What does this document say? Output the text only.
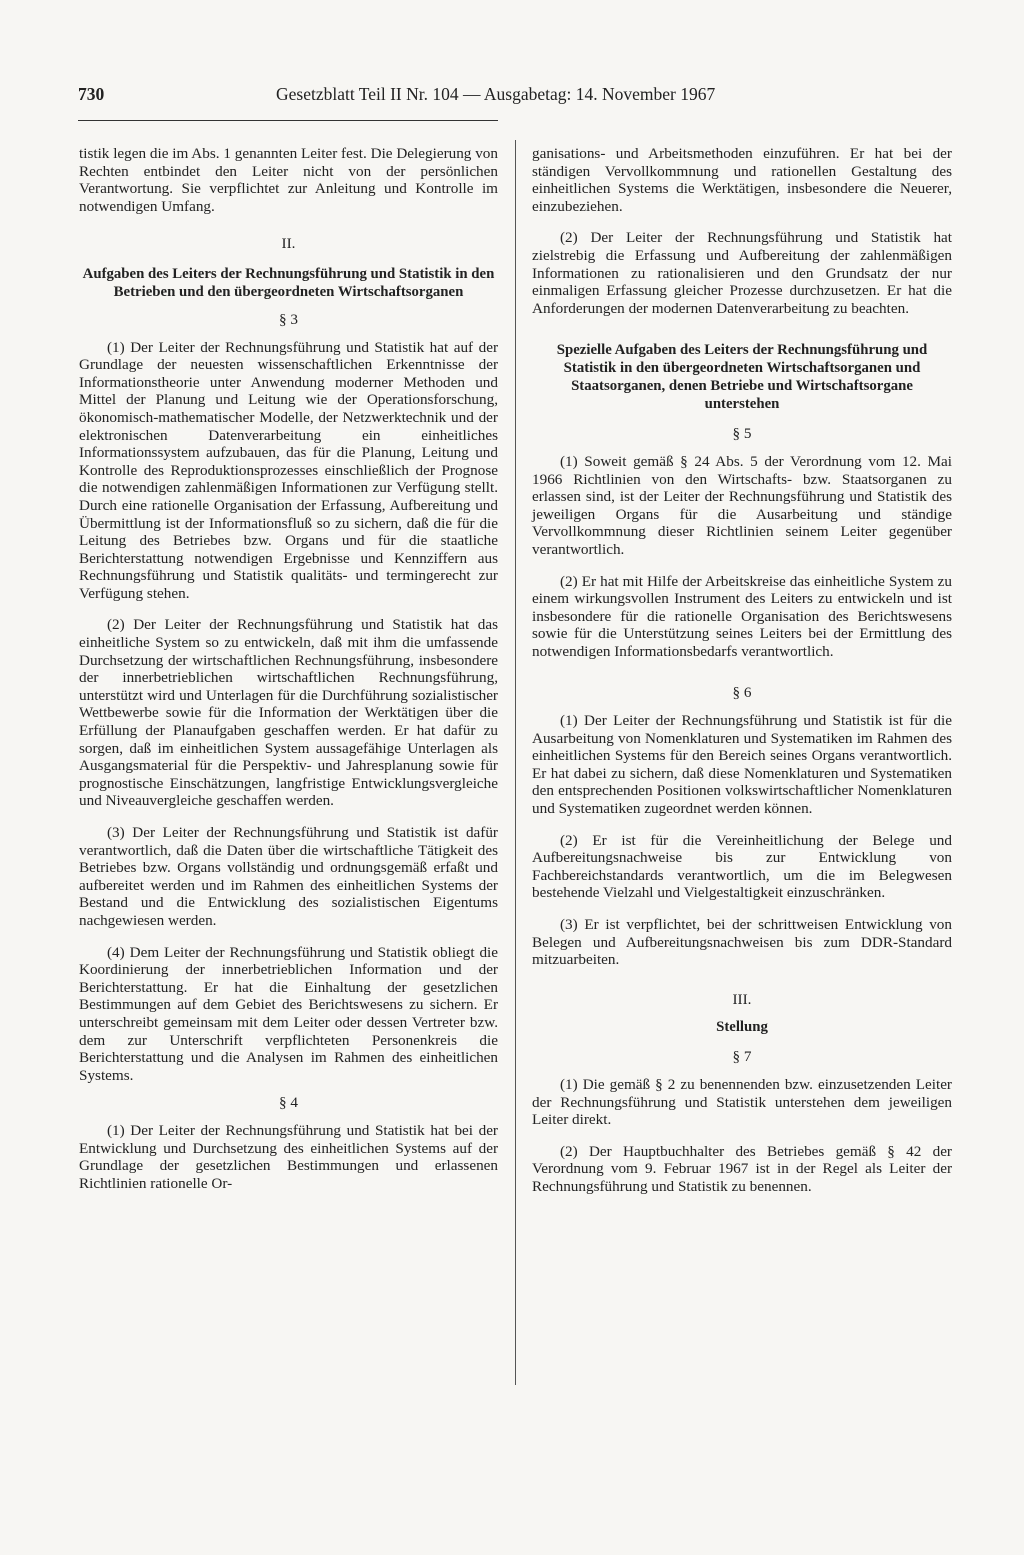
730	Gesetzblatt Teil II Nr. 104 — Ausgabetag: 14. November 1967

tistik legen die im Abs. 1 genannten Leiter fest. Die Delegierung von Rechten entbindet den Leiter nicht von der persönlichen Verantwortung. Sie verpflichtet zur Anleitung und Kontrolle im notwendigen Umfang.

II.

Aufgaben des Leiters der Rechnungsführung und Statistik in den Betrieben und den übergeordneten Wirtschaftsorganen

§ 3

(1) Der Leiter der Rechnungsführung und Statistik hat auf der Grundlage der neuesten wissenschaftlichen Erkenntnisse der Informationstheorie unter Anwendung moderner Methoden und Mittel der Planung und Leitung wie der Operationsforschung, ökonomisch-mathematischer Modelle, der Netzwerktechnik und der elektronischen Datenverarbeitung ein einheitliches Informationssystem aufzubauen, das für die Planung, Leitung und Kontrolle des Reproduktionsprozesses einschließlich der Prognose die notwendigen zahlenmäßigen Informationen zur Verfügung stellt. Durch eine rationelle Organisation der Erfassung, Aufbereitung und Übermittlung ist der Informationsfluß so zu sichern, daß die für die Leitung des Betriebes bzw. Organs und für die staatliche Berichterstattung notwendigen Ergebnisse und Kennziffern aus Rechnungsführung und Statistik qualitäts- und termingerecht zur Verfügung stehen.

(2) Der Leiter der Rechnungsführung und Statistik hat das einheitliche System so zu entwickeln, daß mit ihm die umfassende Durchsetzung der wirtschaftlichen Rechnungsführung, insbesondere der innerbetrieblichen wirtschaftlichen Rechnungsführung, unterstützt wird und Unterlagen für die Durchführung sozialistischer Wettbewerbe sowie für die Information der Werktätigen über die Erfüllung der Planaufgaben geschaffen werden. Er hat dafür zu sorgen, daß im einheitlichen System aussagefähige Unterlagen als Ausgangsmaterial für die Perspektiv- und Jahresplanung sowie für prognostische Einschätzungen, langfristige Entwicklungsvergleiche und Niveauvergleiche geschaffen werden.

(3) Der Leiter der Rechnungsführung und Statistik ist dafür verantwortlich, daß die Daten über die wirtschaftliche Tätigkeit des Betriebes bzw. Organs vollständig und ordnungsgemäß erfaßt und aufbereitet werden und im Rahmen des einheitlichen Systems der Bestand und die Entwicklung des sozialistischen Eigentums nachgewiesen werden.

(4) Dem Leiter der Rechnungsführung und Statistik obliegt die Koordinierung der innerbetrieblichen Information und der Berichterstattung. Er hat die Einhaltung der gesetzlichen Bestimmungen auf dem Gebiet des Berichtswesens zu sichern. Er unterschreibt gemeinsam mit dem Leiter oder dessen Vertreter bzw. dem zur Unterschrift verpflichteten Personenkreis die Berichterstattung und die Analysen im Rahmen des einheitlichen Systems.

§ 4

(1) Der Leiter der Rechnungsführung und Statistik hat bei der Entwicklung und Durchsetzung des einheitlichen Systems auf der Grundlage der gesetzlichen Bestimmungen und erlassenen Richtlinien rationelle Or-

ganisations- und Arbeitsmethoden einzuführen. Er hat bei der ständigen Vervollkommnung und rationellen Gestaltung des einheitlichen Systems die Werktätigen, insbesondere die Neuerer, einzubeziehen.

(2) Der Leiter der Rechnungsführung und Statistik hat zielstrebig die Erfassung und Aufbereitung der zahlenmäßigen Informationen zu rationalisieren und den Grundsatz der nur einmaligen Erfassung gleicher Prozesse durchzusetzen. Er hat die Anforderungen der modernen Datenverarbeitung zu beachten.

Spezielle Aufgaben des Leiters der Rechnungsführung und Statistik in den übergeordneten Wirtschaftsorganen und Staatsorganen, denen Betriebe und Wirtschaftsorgane unterstehen

§ 5

(1) Soweit gemäß § 24 Abs. 5 der Verordnung vom 12. Mai 1966 Richtlinien von den Wirtschafts- bzw. Staatsorganen zu erlassen sind, ist der Leiter der Rechnungsführung und Statistik des jeweiligen Organs für die Ausarbeitung und ständige Vervollkommnung dieser Richtlinien seinem Leiter gegenüber verantwortlich.

(2) Er hat mit Hilfe der Arbeitskreise das einheitliche System zu einem wirkungsvollen Instrument des Leiters zu entwickeln und ist insbesondere für die rationelle Organisation des Berichtswesens sowie für die Unterstützung seines Leiters bei der Ermittlung des notwendigen Informationsbedarfs verantwortlich.

§ 6

(1) Der Leiter der Rechnungsführung und Statistik ist für die Ausarbeitung von Nomenklaturen und Systematiken im Rahmen des einheitlichen Systems für den Bereich seines Organs verantwortlich. Er hat dabei zu sichern, daß diese Nomenklaturen und Systematiken den entsprechenden Positionen volkswirtschaftlicher Nomenklaturen und Systematiken zugeordnet werden können.

(2) Er ist für die Vereinheitlichung der Belege und Aufbereitungsnachweise bis zur Entwicklung von Fachbereichstandards verantwortlich, um die im Belegwesen bestehende Vielzahl und Vielgestaltigkeit einzuschränken.

(3) Er ist verpflichtet, bei der schrittweisen Entwicklung von Belegen und Aufbereitungsnachweisen bis zum DDR-Standard mitzuarbeiten.

III.

Stellung

§ 7

(1) Die gemäß § 2 zu benennenden bzw. einzusetzenden Leiter der Rechnungsführung und Statistik unterstehen dem jeweiligen Leiter direkt.

(2) Der Hauptbuchhalter des Betriebes gemäß § 42 der Verordnung vom 9. Februar 1967 ist in der Regel als Leiter der Rechnungsführung und Statistik zu benennen.
